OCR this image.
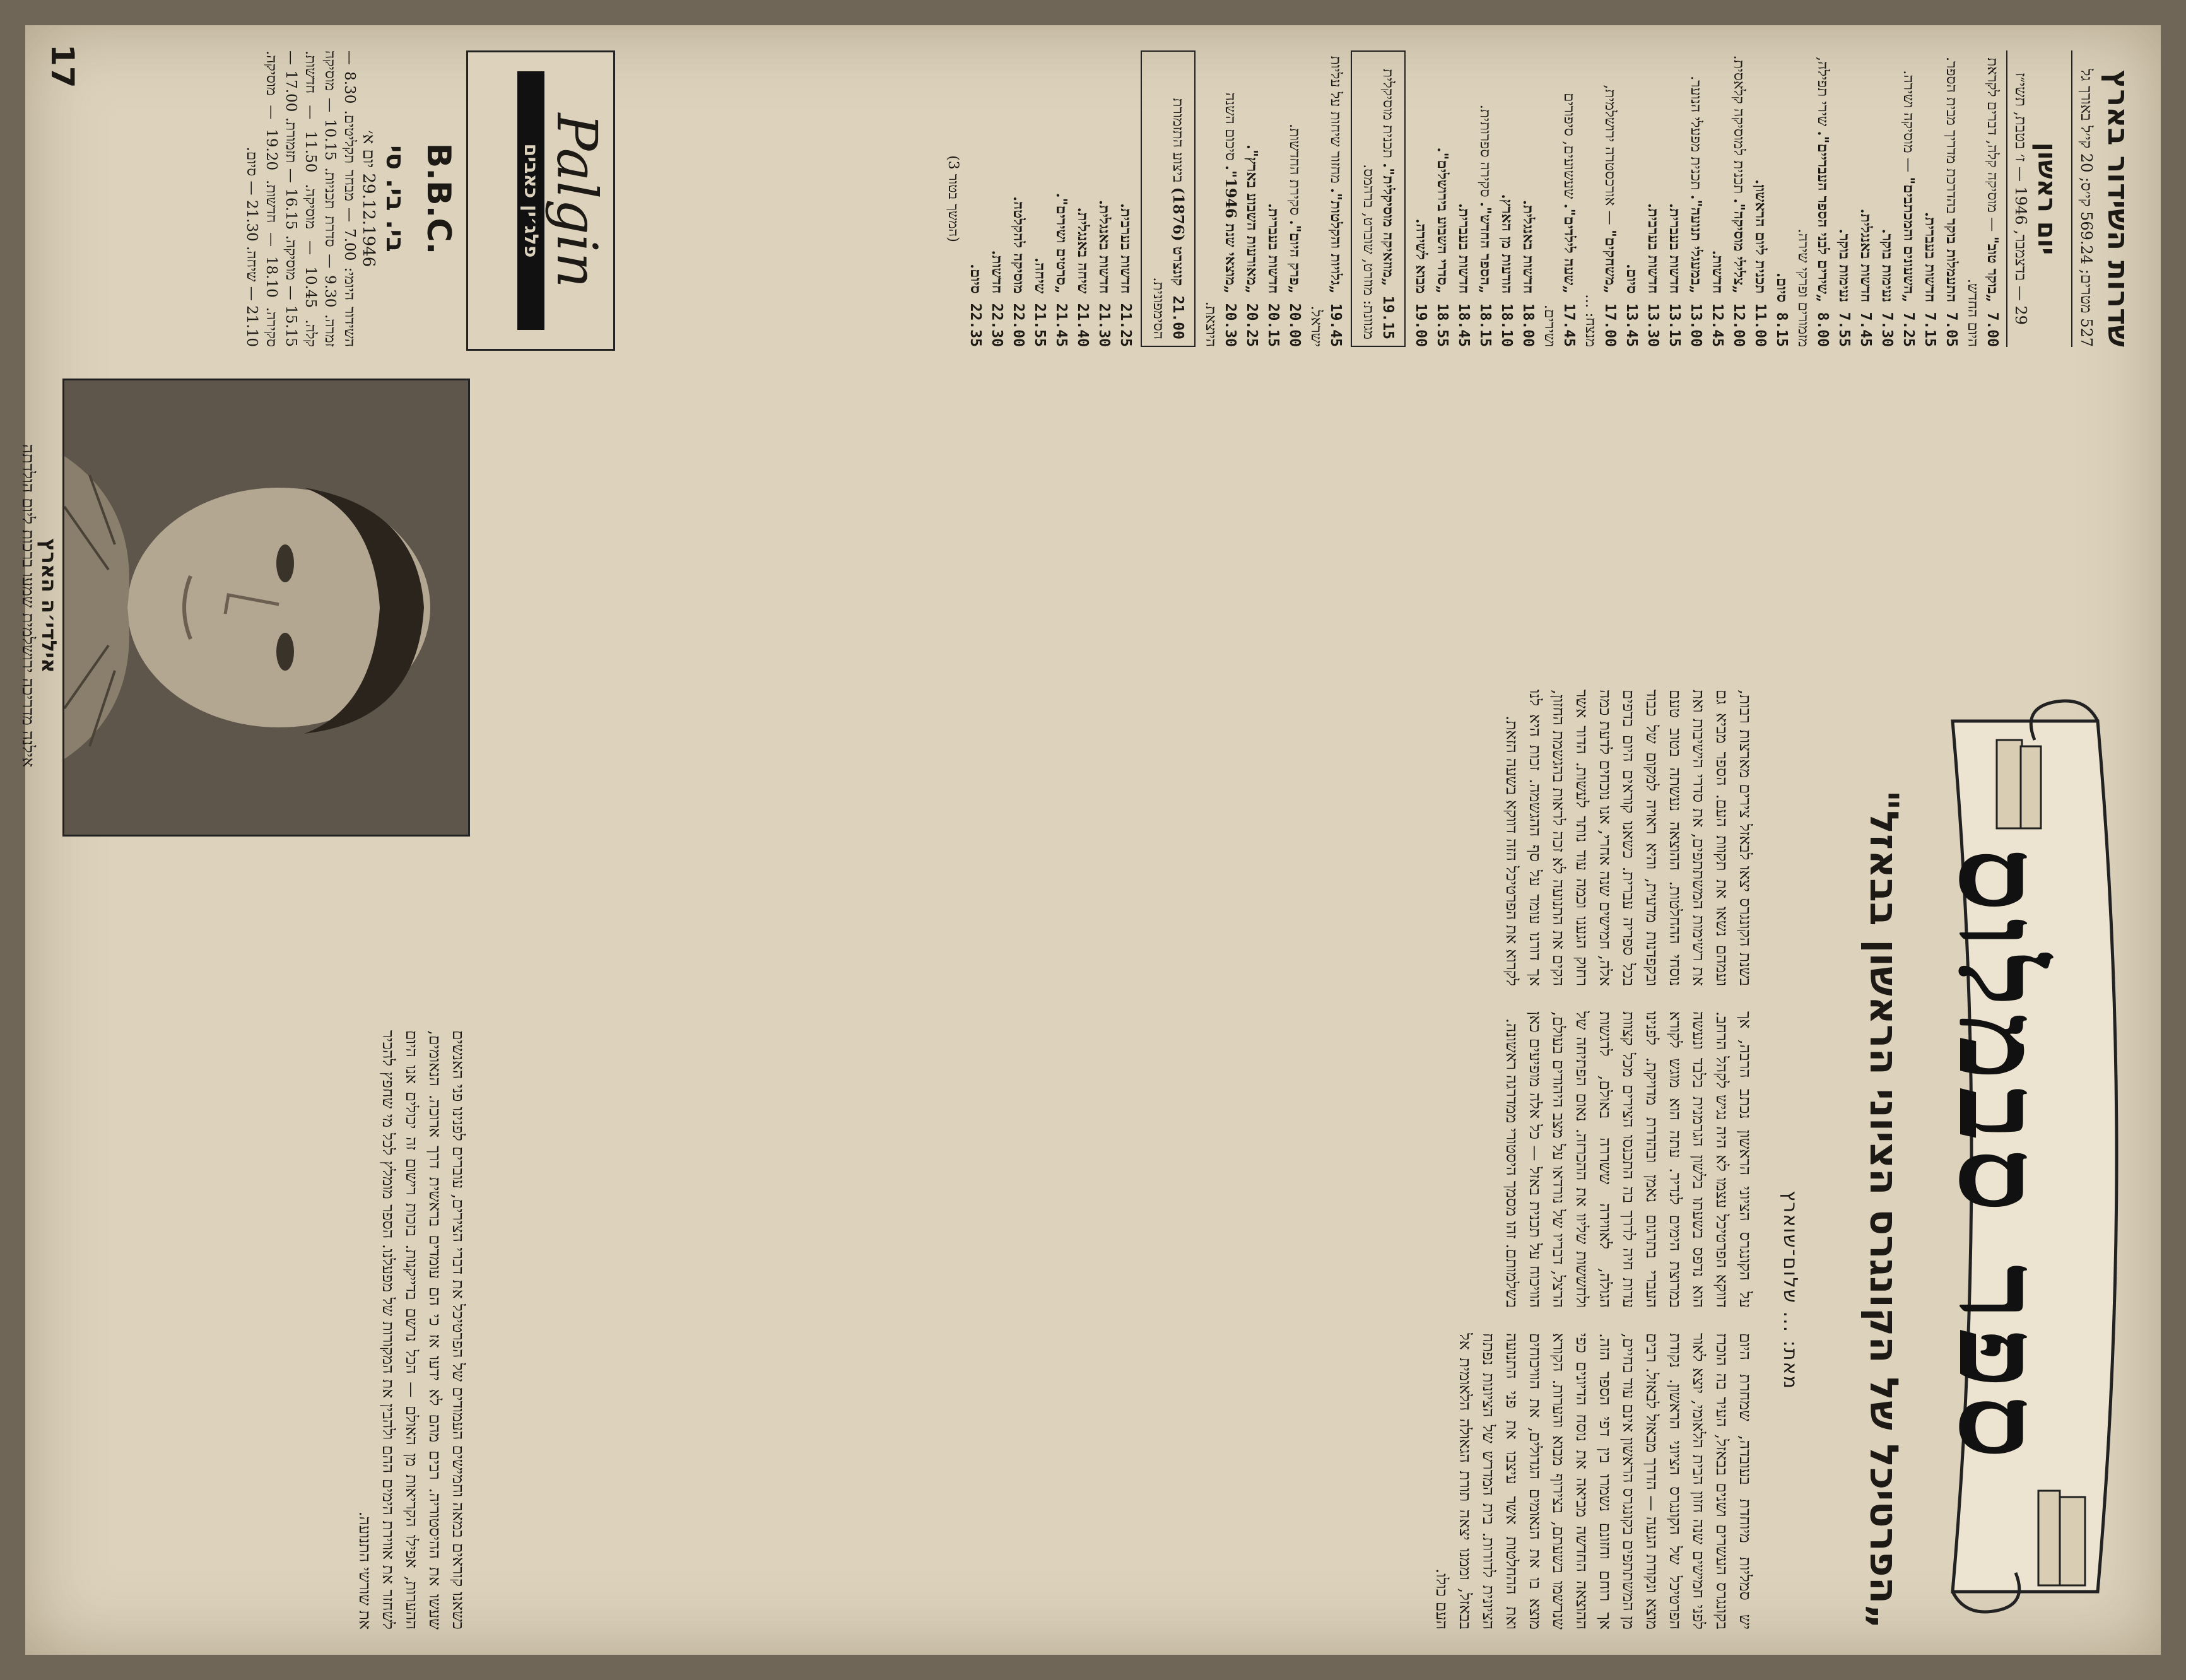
ספר סבמלוס
„הפרטיכל של הקונגרס הציוני הראשון בבאזל"
מאת: ... שלום־שוארץ
יש סמליות מיוחדת בעובדה, שמחרת היום בקונגרס העשרים ושנים בבאזל, העיר בה הוכרז לפני חמישים שנה חזון הבית הלאומי, יוצא לאור הפרטיכל של הקונגרס הציוני הראשון. נקודת מוצא ונקודת הגעה — הדרך מבאזל לבאזל. רבים מן המשתתפים בקונגרס הראשון אינם עוד בחיים, אך רוחם וחזונם נשמרו בין דפי הספר הזה. ההוצאה החדשה מביאה את נוסח הדיונים כפי שנרשמו בשעתם, בצירוף מבוא והערות. הקורא מוצא בו את הנאומים הגדולים, את הוויכוחים ואת ההחלטות אשר עיצבו את פני התנועה הציונית לדורות. בית המדרש של הציונות נפתח בבאזל, וממנו יצאה תורת הגאולה הלאומית אל העם כולו.
על הקונגרס הציוני הראשון נכתב הרבה, אך דווקא הפרטיכל עצמו לא היה נגיש לקהל הרחב. הוא נדפס בשעתו בלשון הגרמנית בלבד ונעשה במרוצת הימים לנדיר. עתה הוא מוגש לקורא העברי בתרגום נאמן ובהדרת מדויקת. לפנינו עדות חיה לדרך בה התכנסו הצירים מכל קצוות הגולה, לאווירה ששררה באולם, לרגשות ולחששות שליוו את ההכרזה. נאום הפתיחה של הרצל, דבריו של נורדאו על מצב היהודים בעולם, הוויכוח על תכנית באזל — כל אלה מופיעים כאן בשלמותם. זהו מסמך היסטורי ממדרגה ראשונה.
בשנת הקונגרס יצאו לבאזל צירים מארצות רבות, ועמהם נשאו את תקוות העם. הספר מביא גם את רשימות המשתתפים, את סדרי הישיבות ואת נוסחי ההחלטות. ההוצאה נעשתה בטוב טעם ובקפדנות מדעית, והיא ראויה למקום של כבוד בכל ספריה עברית. כשאנו קוראים היום בדפים אלה, חמישים שנה אחרי, אנו נוכחים לדעת כמה רחוק הגענו וכמה עוד נותר לעשות. הדור אשר הקים את התנועה לא זכה לראות בהגשמת החזון, אך דורנו עומד על סף ההגשמה. זכות היא לנו לקרוא את הפרטיכל הזה דווקא בשעה הזאת.
כשאנו קוראים במאה וחמישים העמודים של הפרטיכל את דברי הצירים, עוברים לפנינו פני האנשים שעשו את ההיסטוריה. רבים מהם לא ידעו אז כי הם עומדים בראשית דרך ארוכה. הנאומים, ההערות, אפילו הקריאות מן האולם — הכל נרשם בדייקנות. בזכות רישום זה יכולים אנו היום לשחזר את אווירת הימים ההם ולהבין את המקורות של מפעלנו. הספר מומלץ לכל מי שחפץ להכיר את שורשי התנועה.
אילדי׳ה הארץ
אילנה מדריכה ירושלמית שמעו ברכות ליום הולדתה
שדרות השידור בארץ
527 מטרים; 569.24 קי׳ס; 20 קי׳ל באורך גל
יום ראשון
29 — בדצמבר, 1946 — ז׳ בטבת, תשי״ז
7.00 „בוקר טוב" — מוסיקה קלה, דברים לקראת היום החדש.
7.05 התעמלות בוקר בהדרכת מדריך מבית הספר.
7.15 חדשות בעברית.
7.25 „השעונים והמכתבים" — מוסיקה ושירה.
7.30 נעימות בוקר.
7.45 חדשות באנגלית.
7.55 נעימות בוקר.
8.00 „שירים לבני הספר העבריים". שירי תפילה, מזמורים ופרקי שירה.
8.15 סיום.
11.00 תכנית ליום הראשון.
12.00 „צלילי מוסיקה". תכנית למוסיקה קלאסית.
12.45 חדשות.
13.00 „במעגלי תנועה". תכנית מפעלי הנוער.
13.15 חדשות בעברית.
13.30 חדשות בערבית.
13.45 סיום.
17.00 „משחקים" — אורכסטרה ירושלמית, מנצח: ...
17.45 „שעה לילדים". שעשועים, סיפורים ושירים.
18.00 חדשות באנגלית.
18.10 הודעות מן הארץ.
18.15 „הספר החדש". סקירה ספרותית.
18.45 חדשות בעברית.
18.55 „סדרי השבוע בירושלים".
19.00 מבוא לשירה.
19.15 „מוזאיקה מוסיקלית". תכנית מוסיקלית מגוונת: מוזרט, שוברט, ברהמס.
19.45 „גלויות והקלטות". מחזור שיחות על עליות ישראל.
20.00 „פרק היום". סקירת החדשות.
20.15 חדשות בעברית.
20.25 „מאורעות השבוע בארץ".
20.30 „מוצאי שנת 1946". סיכום השנה היוצאת.
21.00 קונצרט (1876) ביצוע התזמורת הסימפונית.
21.25 חדשות בערבית.
21.30 חדשות באנגלית.
21.40 שיחה באנגלית.
21.45 „סרטים ושירים".
21.55 שיחה.
22.00 מוסיקה להקלטה.
22.30 חדשות.
22.35 סיום.
(המשך בטור 3)
Palgin
פלג׳ין כאבים
B.B.C.
בי. בי. סי
29.12.1946 יום א׳
השידור היומי: 7.00 — מבחר תקליטים. 8.30 — זמרה. 9.30 — סדרת תכניות. 10.15 — מוסיקה קלה. 10.45 — מוסיקה. 11.50 — חדשות. 15.15 — מוסיקה. 16.15 — תזמורת. 17.00 — סקירה. 18.10 — חדשות. 19.20 — מוסיקה. 21.10 — שיחה. 21.30 — סיום.
17
